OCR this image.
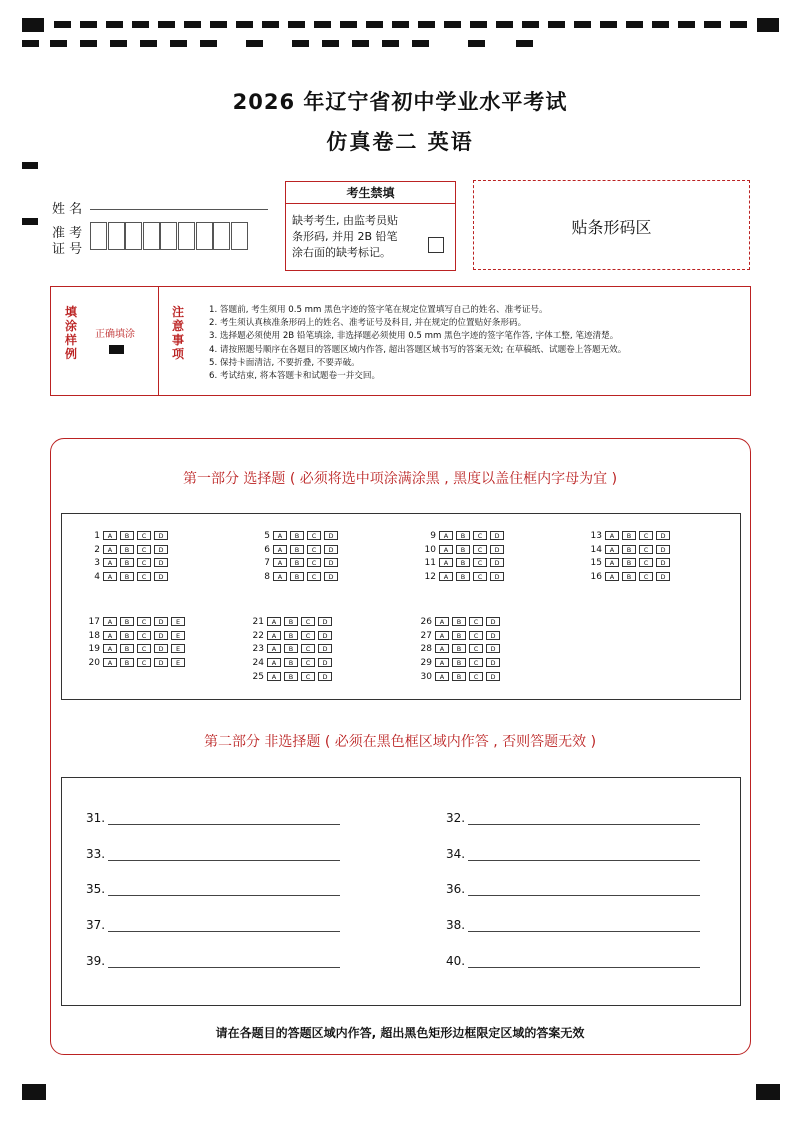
2026 年辽宁省初中学业水平考试
仿真卷二 英语
姓 名
准 考
证 号
考生禁填
缺考考生, 由监考员贴
条形码, 并用 2B 铅笔
涂右面的缺考标记。
贴条形码区
填
涂
样
例
正确填涂
注
意
事
项
1. 答题前, 考生须用 0.5 mm 黑色字迹的签字笔在规定位置填写自己的姓名、准考证号。
2. 考生须认真核准条形码上的姓名、准考证号及科目, 并在规定的位置贴好条形码。
3. 选择题必须使用 2B 铅笔填涂, 非选择题必须使用 0.5 mm 黑色字迹的签字笔作答, 字体工整, 笔迹清楚。
4. 请按照题号顺序在各题目的答题区域内作答, 超出答题区域书写的答案无效; 在草稿纸、试题卷上答题无效。
5. 保持卡面清洁, 不要折叠, 不要弄破。
6. 考试结束, 将本答题卡和试题卷一并交回。
第一部分 选择题 ( 必须将选中项涂满涂黑 , 黑度以盖住框内字母为宜 )
1 A B C D
2 A B C D
3 A B C D
4 A B C D
5 A B C D
6 A B C D
7 A B C D
8 A B C D
9 A B C D
10 A B C D
11 A B C D
12 A B C D
13 A B C D
14 A B C D
15 A B C D
16 A B C D
17 A B C D E
18 A B C D E
19 A B C D E
20 A B C D E
21 A B C D
22 A B C D
23 A B C D
24 A B C D
25 A B C D
26 A B C D
27 A B C D
28 A B C D
29 A B C D
30 A B C D
第二部分 非选择题 ( 必须在黑色框区域内作答 , 否则答题无效 )
31.
33.
35.
37.
39.
32.
34.
36.
38.
40.
请在各题目的答题区域内作答, 超出黑色矩形边框限定区域的答案无效
